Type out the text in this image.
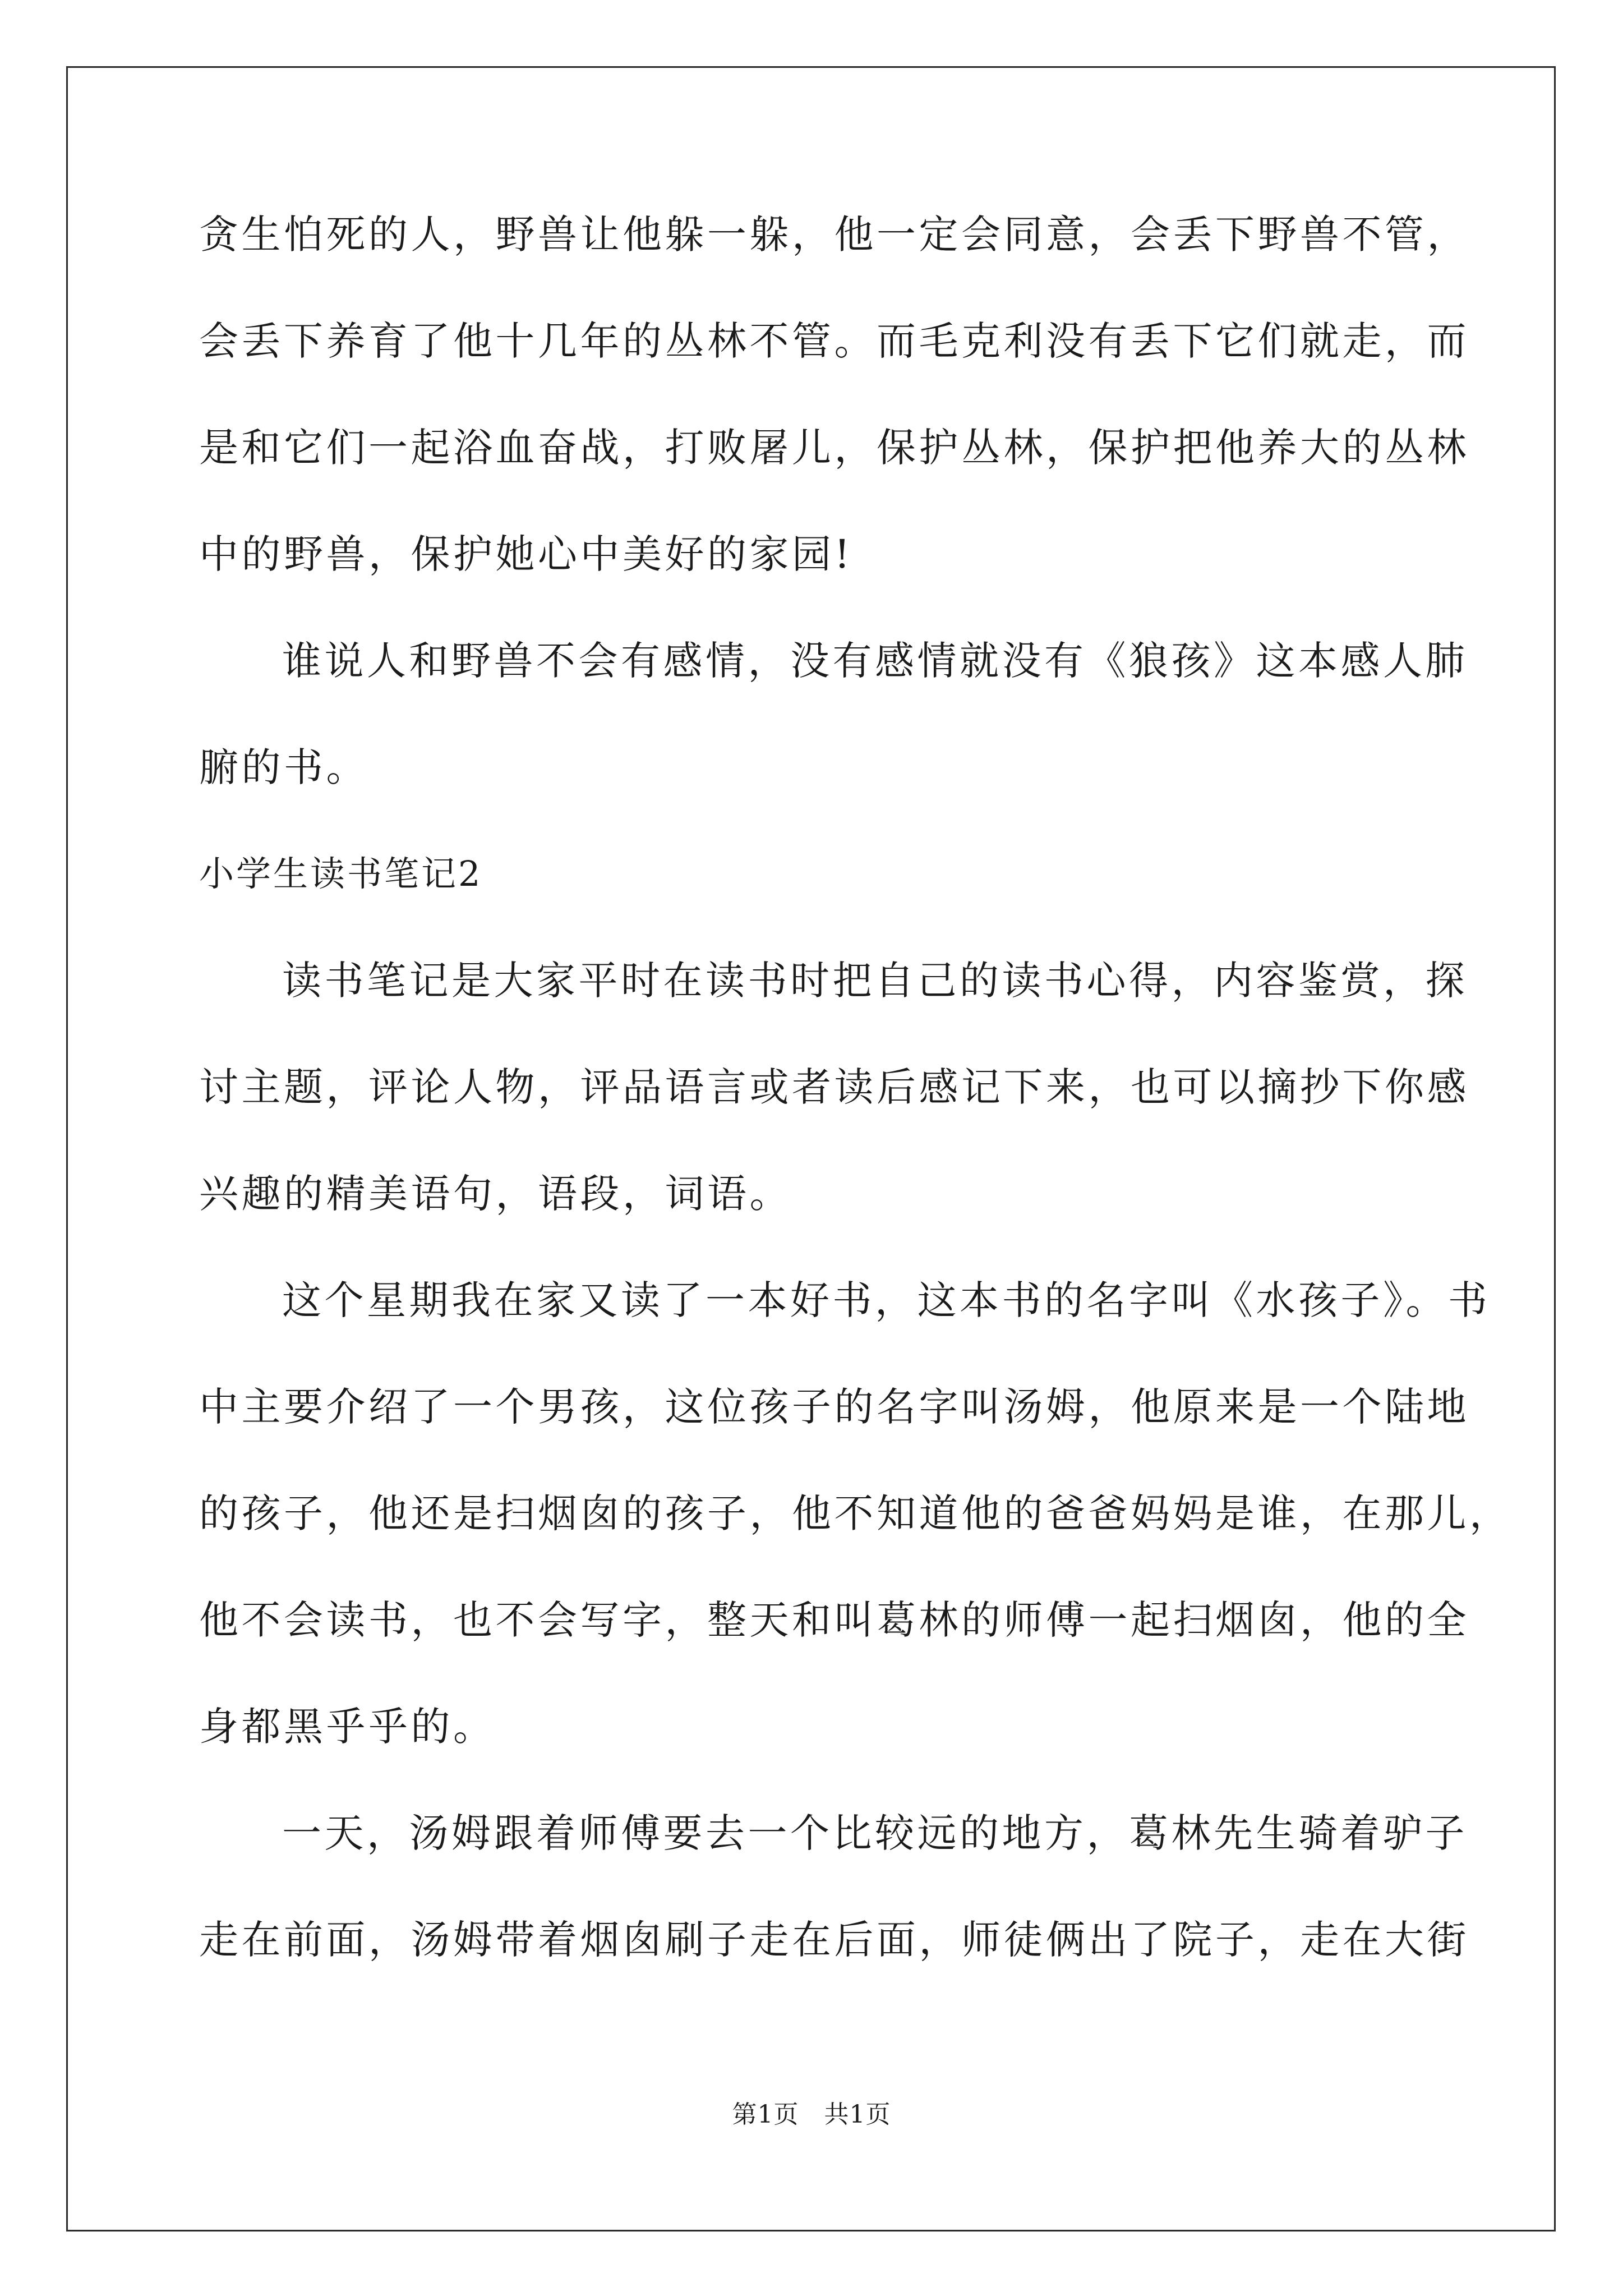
贪生怕死的人，野兽让他躲一躲，他一定会同意，会丢下野兽不管，
会丢下养育了他十几年的丛林不管。而毛克利没有丢下它们就走，而
是和它们一起浴血奋战，打败屠儿，保护丛林，保护把他养大的丛林
中的野兽，保护她心中美好的家园!
谁说人和野兽不会有感情，没有感情就没有《狼孩》这本感人肺
腑的书。
小学生读书笔记2
读书笔记是大家平时在读书时把自己的读书心得，内容鉴赏，探
讨主题，评论人物，评品语言或者读后感记下来，也可以摘抄下你感
兴趣的精美语句，语段，词语。
这个星期我在家又读了一本好书，这本书的名字叫《水孩子》。书
中主要介绍了一个男孩，这位孩子的名字叫汤姆，他原来是一个陆地
的孩子，他还是扫烟囱的孩子，他不知道他的爸爸妈妈是谁，在那儿，
他不会读书，也不会写字，整天和叫葛林的师傅一起扫烟囱，他的全
身都黑乎乎的。
一天，汤姆跟着师傅要去一个比较远的地方，葛林先生骑着驴子
走在前面，汤姆带着烟囱刷子走在后面，师徒俩出了院子，走在大街
第1页 共1页
